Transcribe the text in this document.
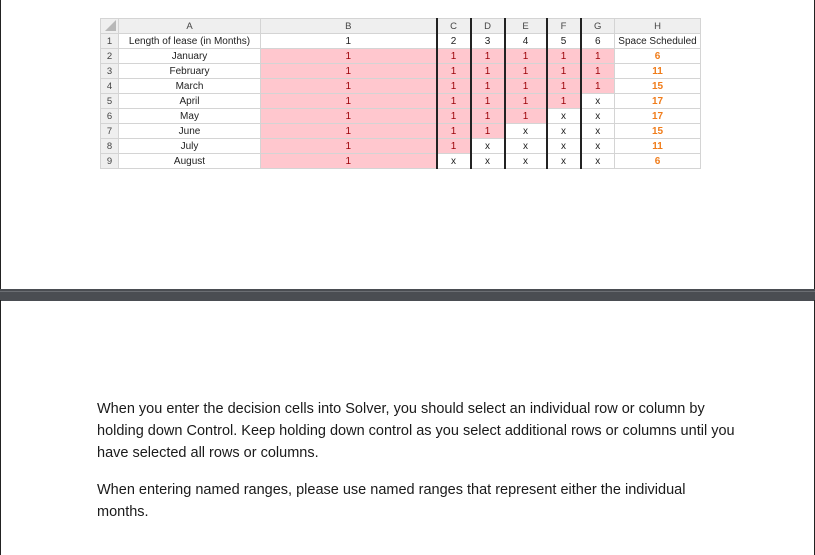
	A	B	C	D	E	F	G	H
1	Length of lease (in Months)	1	2	3	4	5	6	Space Scheduled
2	January	1	1	1	1	1	1	6
3	February	1	1	1	1	1	1	11
4	March	1	1	1	1	1	1	15
5	April	1	1	1	1	1	x	17
6	May	1	1	1	1	x	x	17
7	June	1	1	1	x	x	x	15
8	July	1	1	x	x	x	x	11
9	August	1	x	x	x	x	x	6

When you enter the decision cells into Solver, you should select an individual row or column by holding down Control. Keep holding down control as you select additional rows or columns until you have selected all rows or columns.

When entering named ranges, please use named ranges that represent either the individual months.
